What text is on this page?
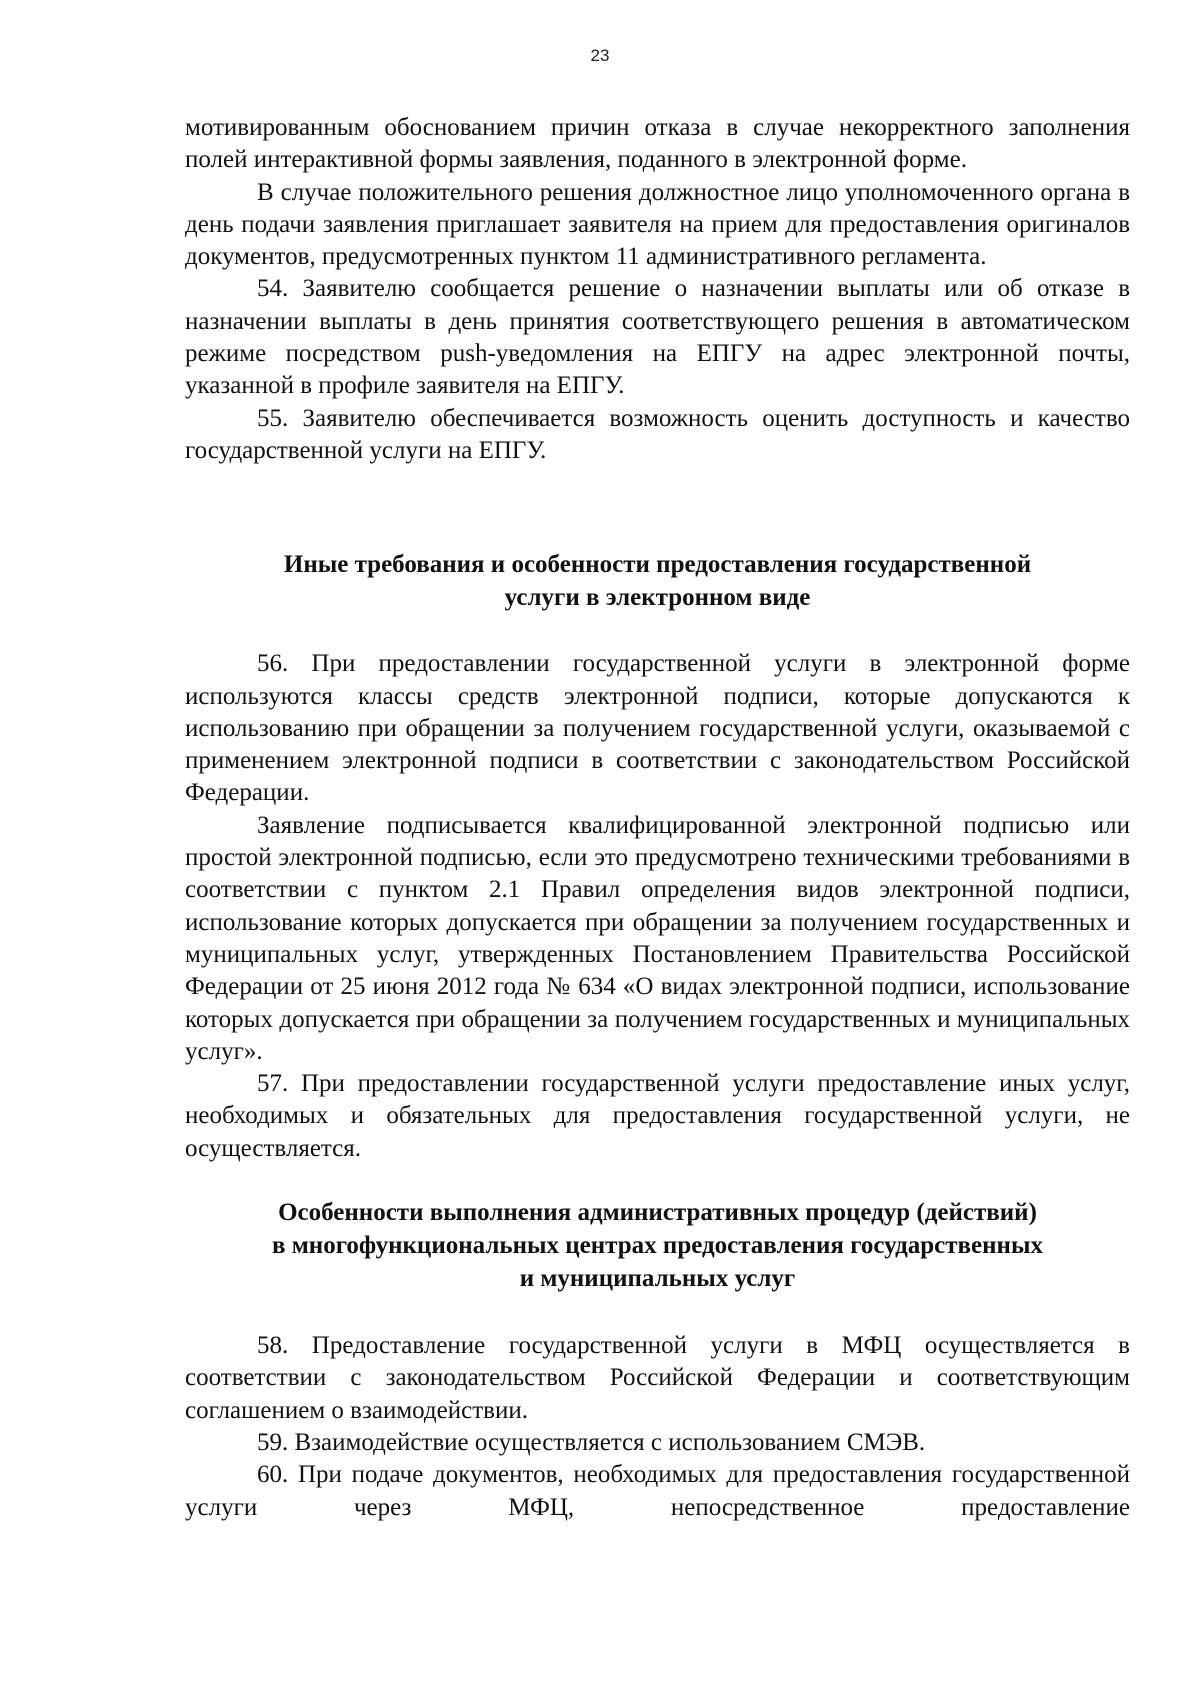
23

мотивированным обоснованием причин отказа в случае некорректного заполнения полей интерактивной формы заявления, поданного в электронной форме.

В случае положительного решения должностное лицо уполномоченного органа в день подачи заявления приглашает заявителя на прием для предоставления оригиналов документов, предусмотренных пунктом 11 административного регламента.

54. Заявителю сообщается решение о назначении выплаты или об отказе в назначении выплаты в день принятия соответствующего решения в автоматическом режиме посредством push-уведомления на ЕПГУ на адрес электронной почты, указанной в профиле заявителя на ЕПГУ.

55. Заявителю обеспечивается возможность оценить доступность и качество государственной услуги на ЕПГУ.

Иные требования и особенности предоставления государственной
услуги в электронном виде

56. При предоставлении государственной услуги в электронной форме используются классы средств электронной подписи, которые допускаются к использованию при обращении за получением государственной услуги, оказываемой с применением электронной подписи в соответствии с законодательством Российской Федерации.

Заявление подписывается квалифицированной электронной подписью или простой электронной подписью, если это предусмотрено техническими требованиями в соответствии с пунктом 2.1 Правил определения видов электронной подписи, использование которых допускается при обращении за получением государственных и муниципальных услуг, утвержденных Постановлением Правительства Российской Федерации от 25 июня 2012 года № 634 «О видах электронной подписи, использование которых допускается при обращении за получением государственных и муниципальных услуг».

57. При предоставлении государственной услуги предоставление иных услуг, необходимых и обязательных для предоставления государственной услуги, не осуществляется.

Особенности выполнения административных процедур (действий)
в многофункциональных центрах предоставления государственных
и муниципальных услуг

58. Предоставление государственной услуги в МФЦ осуществляется в соответствии с законодательством Российской Федерации и соответствующим соглашением о взаимодействии.

59. Взаимодействие осуществляется с использованием СМЭВ.

60. При подаче документов, необходимых для предоставления государственной услуги через МФЦ, непосредственное предоставление
